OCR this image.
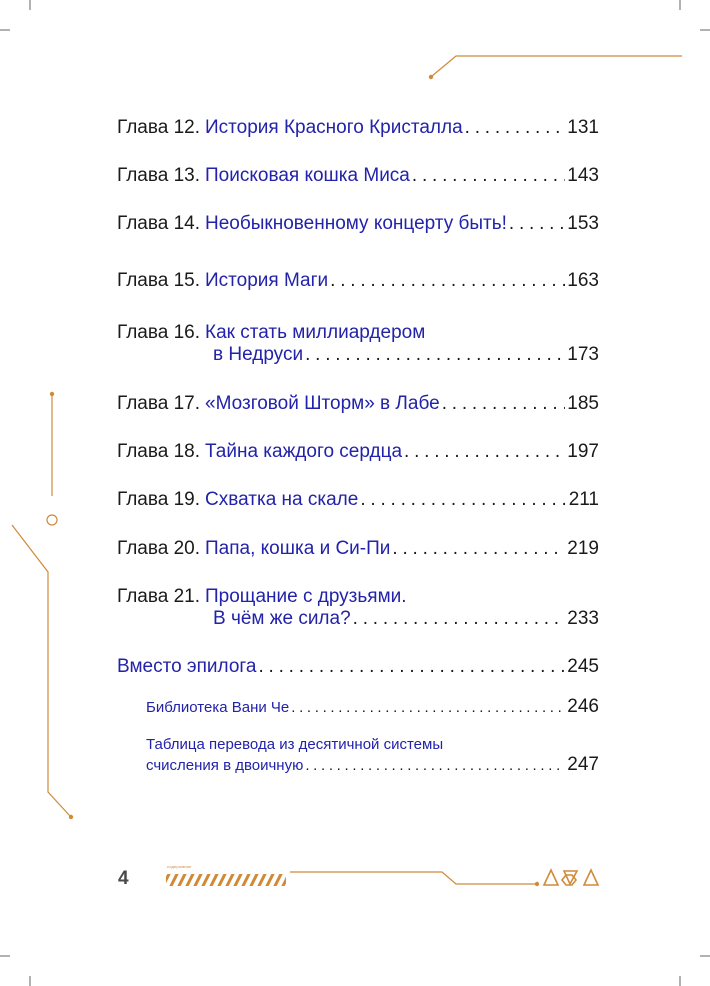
Глава 12. История Красного Кристалла . . .	131
Глава 13. Поисковая кошка Миса . . .	143
Глава 14. Необыкновенному концерту быть! . . .	153
Глава 15. История Маги . . .	163
Глава 16. Как стать миллиардером
в Недруси . . .	173
Глава 17. «Мозговой Шторм» в Лабе . . .	185
Глава 18. Тайна каждого сердца . . .	197
Глава 19. Схватка на скале . . .	211
Глава 20. Папа, кошка и Си-Пи . . .	219
Глава 21. Прощание с друзьями.
В чём же сила? . . .	233
Вместо эпилога . . .	245
Библиотека Вани Че . . .	246
Таблица перевода из десятичной системы
счисления в двоичную . . .	247
4
содержание
